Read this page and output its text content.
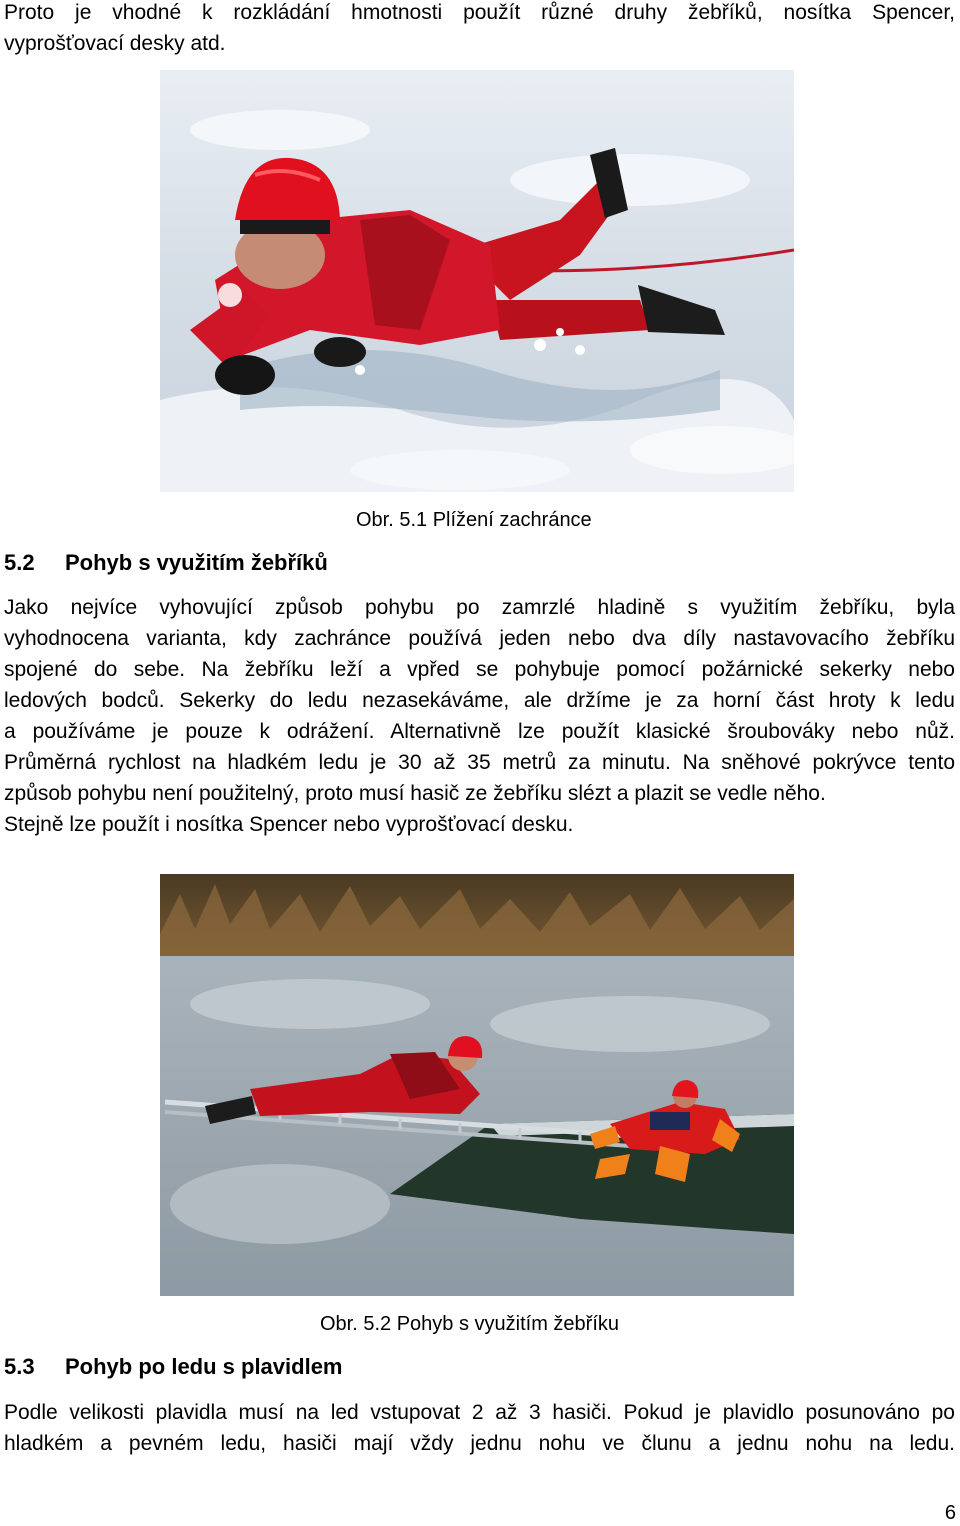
Proto je vhodné k rozkládání hmotnosti použít různé druhy žebříků, nosítka Spencer,
vyprošťovací desky atd.
Obr. 5.1 Plížení zachránce
5.2 Pohyb s využitím žebříků
Jako nejvíce vyhovující způsob pohybu po zamrzlé hladině s využitím žebříku, byla
vyhodnocena varianta, kdy zachránce používá jeden nebo dva díly nastavovacího žebříku
spojené do sebe. Na žebříku leží a vpřed se pohybuje pomocí požárnické sekerky nebo
ledových bodců. Sekerky do ledu nezasekáváme, ale držíme je za horní část hroty k ledu
a používáme je pouze k odrážení. Alternativně lze použít klasické šroubováky nebo nůž.
Průměrná rychlost na hladkém ledu je 30 až 35 metrů za minutu. Na sněhové pokrývce tento
způsob pohybu není použitelný, proto musí hasič ze žebříku slézt a plazit se vedle něho.
Stejně lze použít i nosítka Spencer nebo vyprošťovací desku.
Obr. 5.2 Pohyb s využitím žebříku
5.3 Pohyb po ledu s plavidlem
Podle velikosti plavidla musí na led vstupovat 2 až 3 hasiči. Pokud je plavidlo posunováno po
hladkém a pevném ledu, hasiči mají vždy jednu nohu ve člunu a jednu nohu na ledu.
6
